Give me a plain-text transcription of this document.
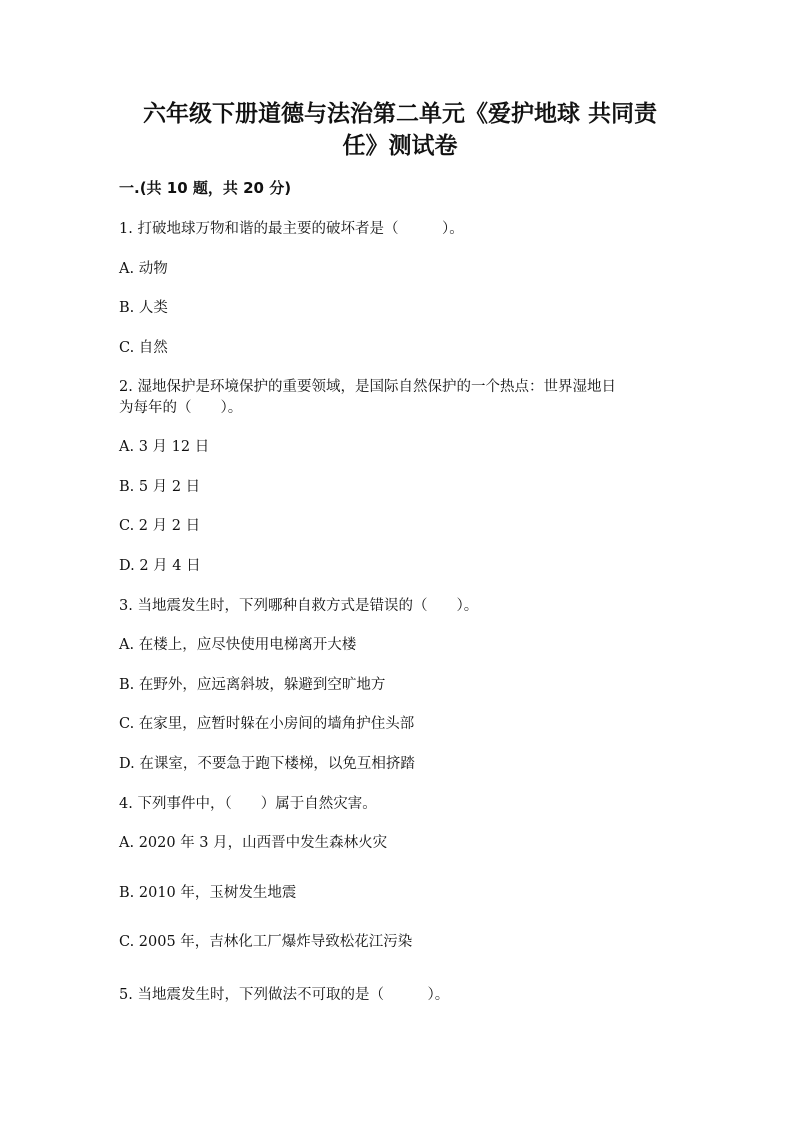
六年级下册道德与法治第二单元《爱护地球 共同责
任》测试卷
一.(共 10 题，共 20 分)
1. 打破地球万物和谐的最主要的破坏者是（　　　）。
A. 动物
B. 人类
C. 自然
2. 湿地保护是环境保护的重要领域，是国际自然保护的一个热点：世界湿地日
为每年的（　　）。
A. 3 月 12 日
B. 5 月 2 日
C. 2 月 2 日
D. 2 月 4 日
3. 当地震发生时，下列哪种自救方式是错误的（　　）。
A. 在楼上，应尽快使用电梯离开大楼
B. 在野外，应远离斜坡，躲避到空旷地方
C. 在家里，应暂时躲在小房间的墙角护住头部
D. 在课室，不要急于跑下楼梯，以免互相挤踏
4. 下列事件中，（　　）属于自然灾害。
A. 2020 年 3 月，山西晋中发生森林火灾
B. 2010 年，玉树发生地震
C. 2005 年，吉林化工厂爆炸导致松花江污染
5. 当地震发生时，下列做法不可取的是（　　　）。
